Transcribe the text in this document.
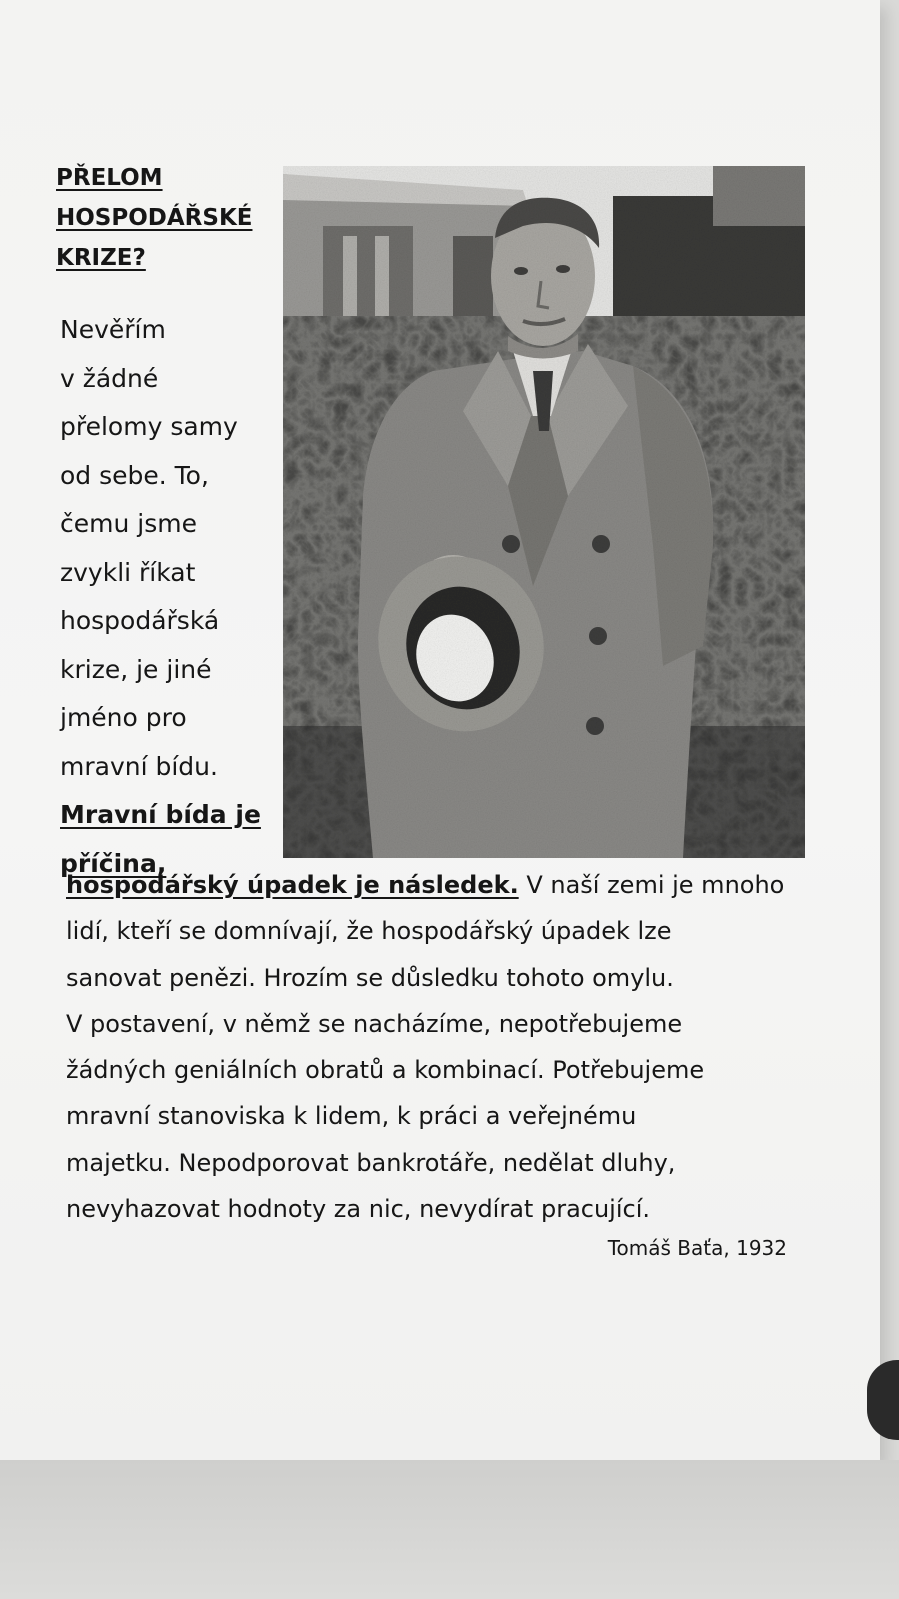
PŘELOM
HOSPODÁŘSKÉ
KRIZE?
Nevěřím
v žádné
přelomy samy
od sebe. To,
čemu jsme
zvykli říkat
hospodářská
krize, je jiné
jméno pro
mravní bídu.
Mravní bída je příčina,
hospodářský úpadek je následek. V naší zemi je mnoho
lidí, kteří se domnívají, že hospodářský úpadek lze
sanovat penězi. Hrozím se důsledku tohoto omylu.
V postavení, v němž se nacházíme, nepotřebujeme
žádných geniálních obratů a kombinací. Potřebujeme
mravní stanoviska k lidem, k práci a veřejnému
majetku. Nepodporovat bankrotáře, nedělat dluhy,
nevyhazovat hodnoty za nic, nevydírat pracující.

Tomáš Baťa, 1932
